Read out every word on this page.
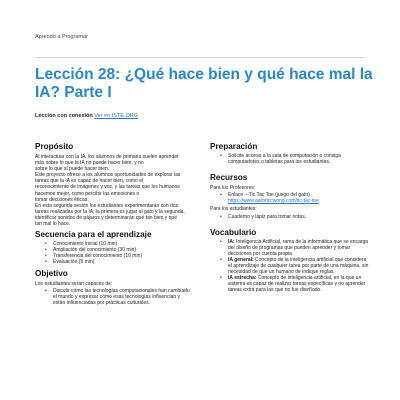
Aprendo a Programar
Lección 28: ¿Qué hace bien y qué hace mal la IA? Parte I
Lección con conexión Ver en ISTE.ORG
Propósito

Al interactuar con la IA, los alumnos de primaria suelen aprender

más sobre lo que la IA no puede hacer bien, y no

sobre lo que sí puede hacer bien.

Este proyecto ofrece a los alumnos oportunidades de explorar las

tareas que la IA es capaz de hacer bien, como el

reconocimiento de imágenes y voz, y las tareas que los humanos

hacemos mejor, como percibir las emociones o

tomar decisiones éticas.

En esta segunda sesión los estudiantes experimentarán con dos

tareas realizadas por la IA; la primera es jugar al gato y la segunda,

identificar sonidos de pájaros y determinarán qué tan bien y qué

tan mal lo hace.

Secuencia para el aprendizaje
• Conocimiento inicial (10 min)
• Ampliación del conocimiento (30 min)
• Transferencia del conocimiento (10 min)
• Evaluación (5 min)
Objetivo

Los estudiantes serán capaces de:

• Discutir cómo las tecnologías computacionales han cambiado el mundo y expresar cómo esas tecnologías influencian y están influenciadas por prácticas culturales.
Preparación
• Solicite acceso a la sala de computación o consiga computadores o tabletas para los estudiantes.
Recursos

Para los Profesores:

• Enlace – Tic Tac Toe (juego del gato)

https://www.aaronccwong.com/tic-tac-toe

Para los estudiantes:

• Cuaderno y lápiz para tomar notas.
Vocabulario
• IA: Inteligencia Artificial, rama de la informática que se encarga del diseño de programas que pueden aprender y tomar decisiones por cuenta propia.
• IA general: Concepto de la inteligencia artificial que considera el aprendizaje de cualquier tarea por parte de una máquina, sin necesidad de que un humano de indique reglas.
• IA estrecha: Concepto de inteligencia artificial, en la que un sistema es capaz de realizar tareas específicas y no aprender tareas extra para las que no fue diseñado.
